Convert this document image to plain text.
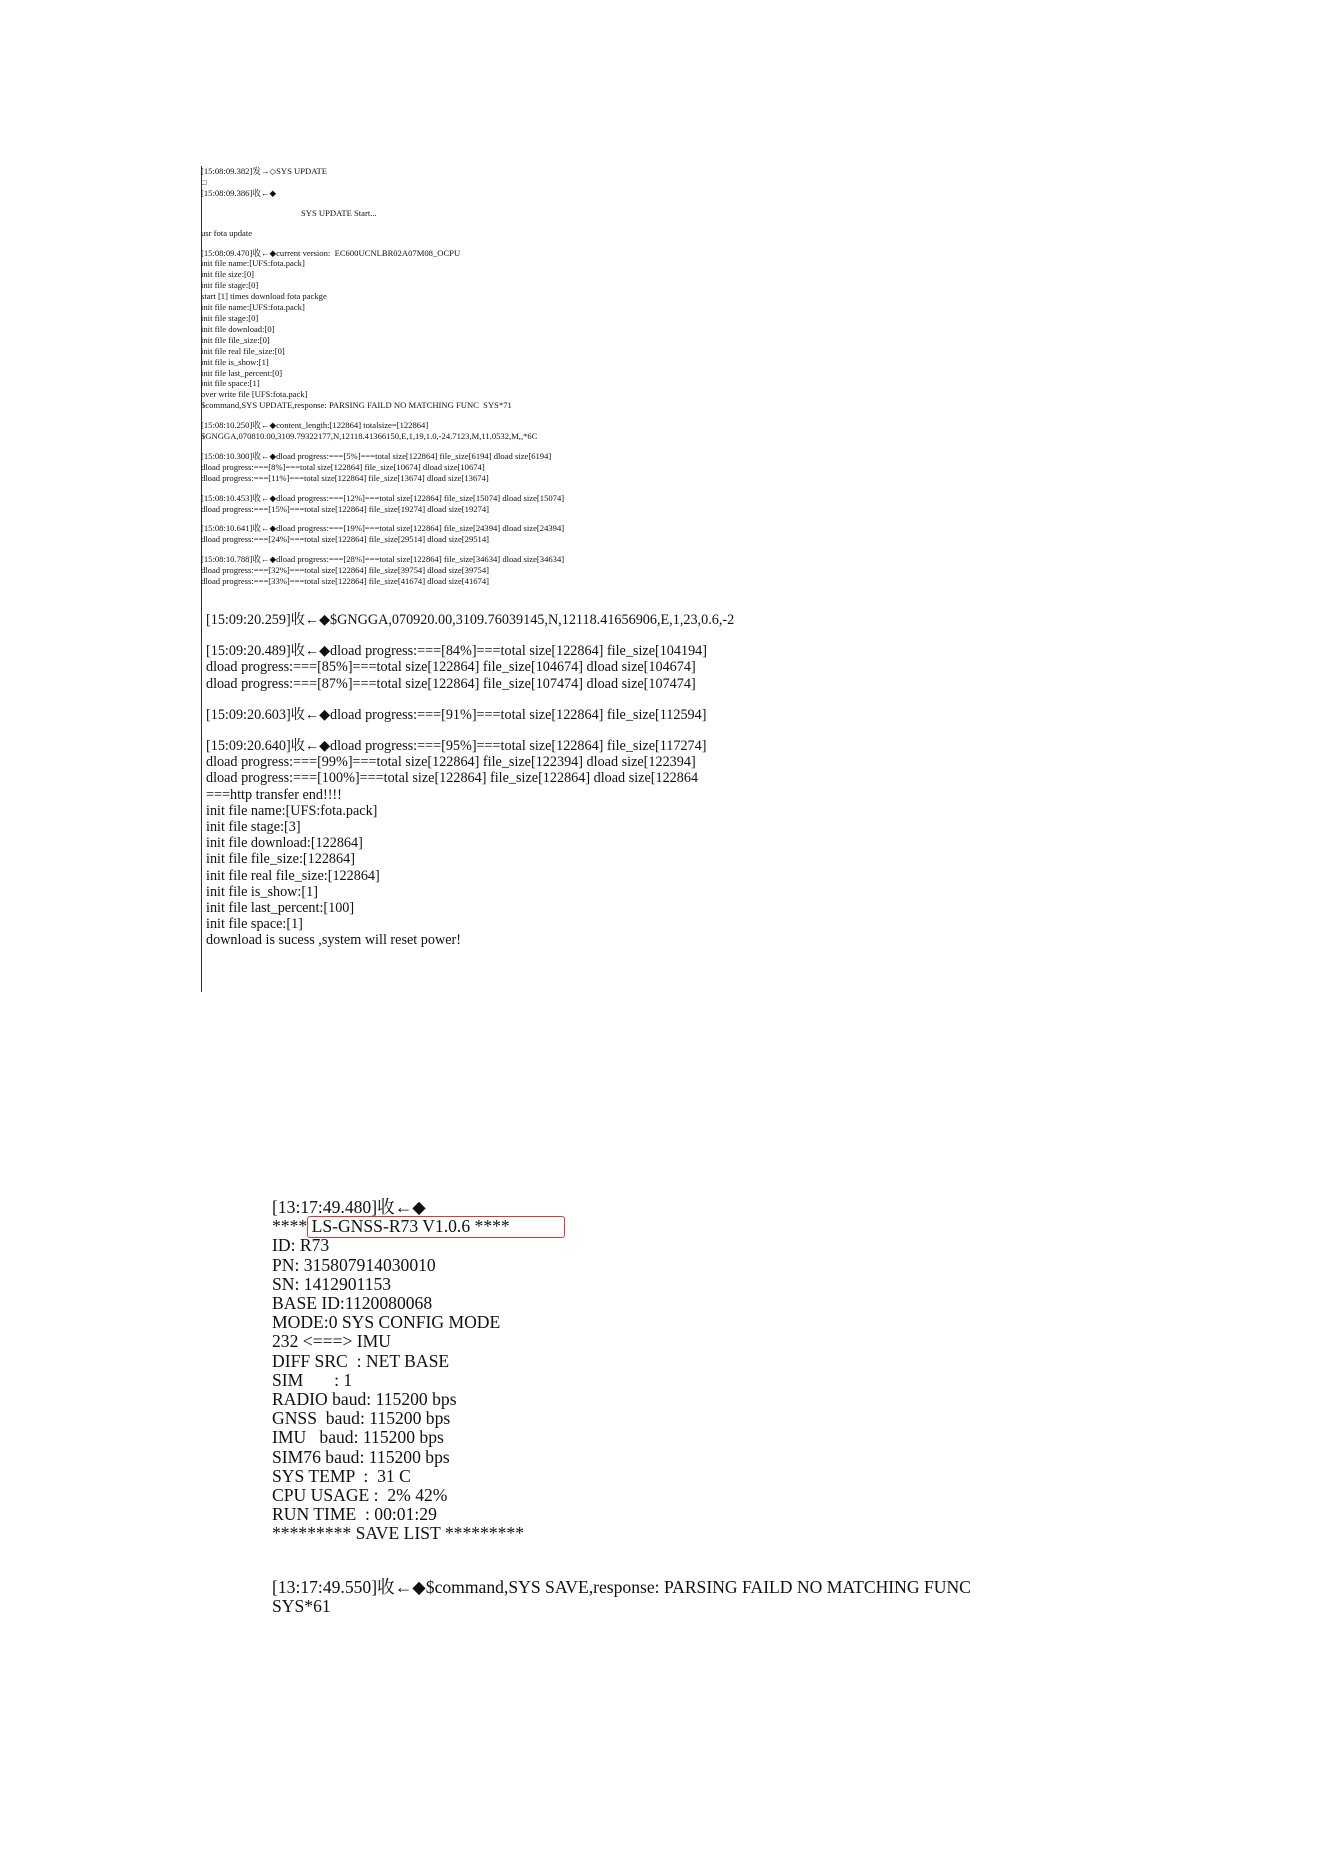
[15:08:09.382]发→◇SYS UPDATE
□
[15:08:09.386]收←◆
SYS UPDATE Start...
usr fota update
[15:08:09.470]收←◆current version:  EC600UCNLBR02A07M08_OCPU
init file name:[UFS:fota.pack]
init file size:[0]
init file stage:[0]
start [1] times download fota packge
init file name:[UFS:fota.pack]
init file stage:[0]
init file download:[0]
init file file_size:[0]
init file real file_size:[0]
init file is_show:[1]
init file last_percent:[0]
init file space:[1]
over write file [UFS:fota.pack]
$command,SYS UPDATE,response: PARSING FAILD NO MATCHING FUNC  SYS*71
[15:08:10.250]收←◆content_length:[122864] totalsize=[122864]
$GNGGA,070810.00,3109.79322177,N,12118.41366150,E,1,19,1.0,-24.7123,M,11.0532,M,,*6C
[15:08:10.300]收←◆dload progress:===[5%]===total size[122864] file_size[6194] dload size[6194]
dload progress:===[8%]===total size[122864] file_size[10674] dload size[10674]
dload progress:===[11%]===total size[122864] file_size[13674] dload size[13674]
[15:08:10.453]收←◆dload progress:===[12%]===total size[122864] file_size[15074] dload size[15074]
dload progress:===[15%]===total size[122864] file_size[19274] dload size[19274]
[15:08:10.641]收←◆dload progress:===[19%]===total size[122864] file_size[24394] dload size[24394]
dload progress:===[24%]===total size[122864] file_size[29514] dload size[29514]
[15:08:10.788]收←◆dload progress:===[28%]===total size[122864] file_size[34634] dload size[34634]
dload progress:===[32%]===total size[122864] file_size[39754] dload size[39754]
dload progress:===[33%]===total size[122864] file_size[41674] dload size[41674]
[15:09:20.259]收←◆$GNGGA,070920.00,3109.76039145,N,12118.41656906,E,1,23,0.6,-2
[15:09:20.489]收←◆dload progress:===[84%]===total size[122864] file_size[104194]
dload progress:===[85%]===total size[122864] file_size[104674] dload size[104674]
dload progress:===[87%]===total size[122864] file_size[107474] dload size[107474]
[15:09:20.603]收←◆dload progress:===[91%]===total size[122864] file_size[112594]
[15:09:20.640]收←◆dload progress:===[95%]===total size[122864] file_size[117274]
dload progress:===[99%]===total size[122864] file_size[122394] dload size[122394]
dload progress:===[100%]===total size[122864] file_size[122864] dload size[122864
===http transfer end!!!!
init file name:[UFS:fota.pack]
init file stage:[3]
init file download:[122864]
init file file_size:[122864]
init file real file_size:[122864]
init file is_show:[1]
init file last_percent:[100]
init file space:[1]
download is sucess ,system will reset power!
[13:17:49.480]收←◆
**** LS-GNSS-R73 V1.0.6 ****
ID: R73
PN: 315807914030010
SN: 1412901153
BASE ID:1120080068
MODE:0 SYS CONFIG MODE
232 <===> IMU
DIFF SRC  : NET BASE
SIM       : 1
RADIO baud: 115200 bps
GNSS  baud: 115200 bps
IMU   baud: 115200 bps
SIM76 baud: 115200 bps
SYS TEMP  :  31 C
CPU USAGE :  2% 42%
RUN TIME  : 00:01:29
********* SAVE LIST *********
[13:17:49.550]收←◆$command,SYS SAVE,response: PARSING FAILD NO MATCHING FUNC
SYS*61
